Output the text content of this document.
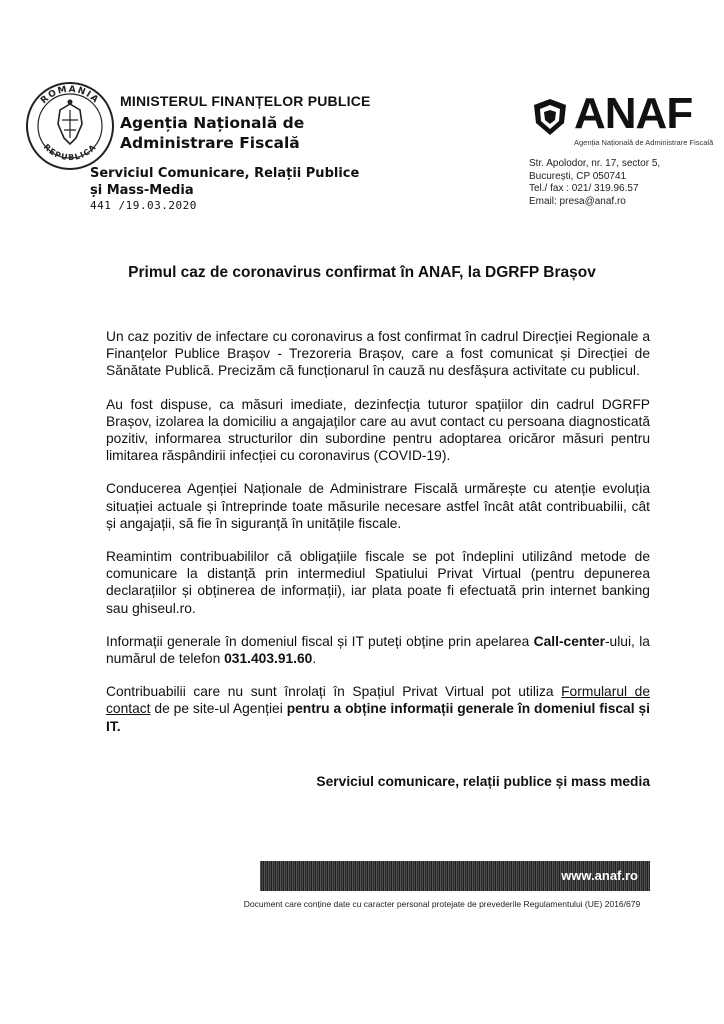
ROMANIA
REPUBLICA
MINISTERUL FINANȚELOR PUBLICE
Agenția Națională de
Administrare Fiscală
Serviciul Comunicare, Relații Publice
și Mass-Media
441 /19.03.2020
ANAF
Agenția Națională de Administrare Fiscală
Str. Apolodor, nr. 17, sector 5,
București, CP 050741
Tel./ fax : 021/ 319.96.57
Email: presa@anaf.ro
Primul caz de coronavirus confirmat în ANAF, la DGRFP Brașov

Un caz pozitiv de infectare cu coronavirus a fost confirmat în cadrul Direcției Regionale a Finanțelor Publice Brașov - Trezoreria Brașov, care a fost comunicat și Direcției de Sănătate Publică. Precizăm că funcționarul în cauză nu desfășura activitate cu publicul.

Au fost dispuse, ca măsuri imediate, dezinfecția tuturor spațiilor din cadrul DGRFP Brașov, izolarea la domiciliu a angajaților care au avut contact cu persoana diagnosticată pozitiv, informarea structurilor din subordine pentru adoptarea oricăror măsuri pentru limitarea răspândirii infecției cu coronavirus (COVID-19).

Conducerea Agenției Naționale de Administrare Fiscală urmărește cu atenție evoluția situației actuale și întreprinde toate măsurile necesare astfel încât atât contribuabilii, cât și angajații, să fie în siguranță în unitățile fiscale.

Reamintim contribuabililor că obligațiile fiscale se pot îndeplini utilizând metode de comunicare la distanță prin intermediul Spatiului Privat Virtual (pentru depunerea declarațiilor și obținerea de informații), iar plata poate fi efectuată prin internet banking sau ghiseul.ro.

Informații generale în domeniul fiscal și IT puteți obține prin apelarea Call-center-ului, la numărul de telefon 031.403.91.60.

Contribuabilii care nu sunt înrolați în Spațiul Privat Virtual pot utiliza Formularul de contact de pe site-ul Agenției pentru a obține informații generale în domeniul fiscal și IT.

Serviciul comunicare, relații publice și mass media
www.anaf.ro
Document care conține date cu caracter personal protejate de prevederile Regulamentului (UE) 2016/679
